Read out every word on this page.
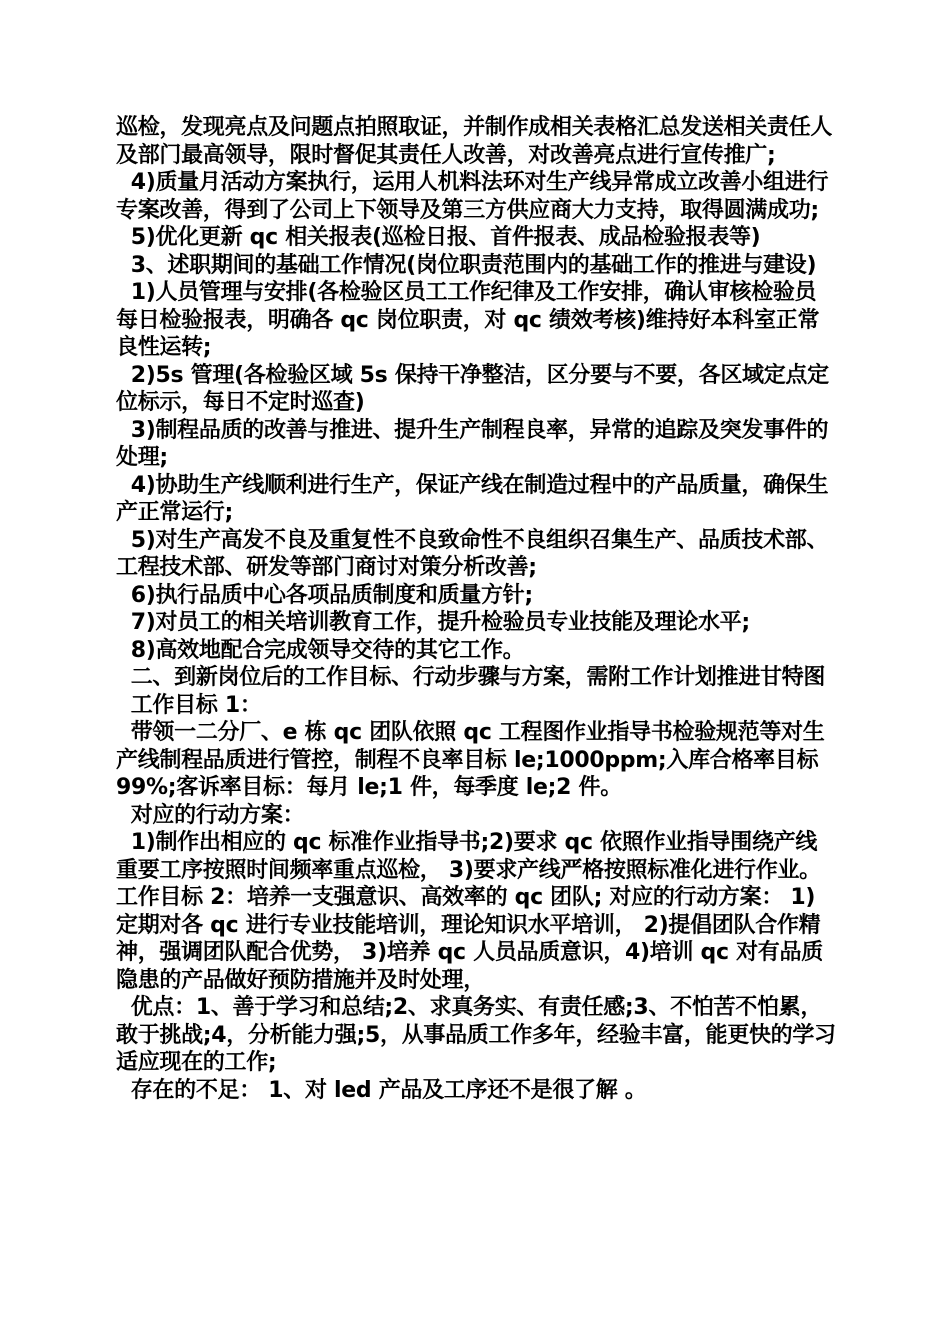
巡检，发现亮点及问题点拍照取证，并制作成相关表格汇总发送相关责任人及部门最高领导，限时督促其责任人改善，对改善亮点进行宣传推广;

4)质量月活动方案执行，运用人机料法环对生产线异常成立改善小组进行专案改善，得到了公司上下领导及第三方供应商大力支持，取得圆满成功;

5)优化更新 qc 相关报表(巡检日报、首件报表、成品检验报表等)

3、述职期间的基础工作情况(岗位职责范围内的基础工作的推进与建设)

1)人员管理与安排(各检验区员工工作纪律及工作安排，确认审核检验员每日检验报表，明确各 qc 岗位职责，对 qc 绩效考核)维持好本科室正常良性运转;

2)5s 管理(各检验区域 5s 保持干净整洁，区分要与不要，各区域定点定位标示，每日不定时巡查)

3)制程品质的改善与推进、提升生产制程良率，异常的追踪及突发事件的处理;

4)协助生产线顺利进行生产，保证产线在制造过程中的产品质量，确保生产正常运行;

5)对生产高发不良及重复性不良致命性不良组织召集生产、品质技术部、工程技术部、研发等部门商讨对策分析改善;

6)执行品质中心各项品质制度和质量方针;

7)对员工的相关培训教育工作，提升检验员专业技能及理论水平;

8)高效地配合完成领导交待的其它工作。

二、到新岗位后的工作目标、行动步骤与方案，需附工作计划推进甘特图

工作目标 1：

带领一二分厂、e 栋 qc 团队依照 qc 工程图作业指导书检验规范等对生产线制程品质进行管控，制程不良率目标 le;1000ppm;入库合格率目标 99%;客诉率目标：每月 le;1 件，每季度 le;2 件。

对应的行动方案：

1)制作出相应的 qc 标准作业指导书;2)要求 qc 依照作业指导围绕产线重要工序按照时间频率重点巡检， 3)要求产线严格按照标准化进行作业。 工作目标 2：培养一支强意识、高效率的 qc 团队; 对应的行动方案： 1)定期对各 qc 进行专业技能培训，理论知识水平培训， 2)提倡团队合作精神，强调团队配合优势， 3)培养 qc 人员品质意识，4)培训 qc 对有品质隐患的产品做好预防措施并及时处理，

优点：1、善于学习和总结;2、求真务实、有责任感;3、不怕苦不怕累，敢于挑战;4，分析能力强;5，从事品质工作多年，经验丰富，能更快的学习适应现在的工作;

存在的不足： 1、对 led 产品及工序还不是很了解 。
